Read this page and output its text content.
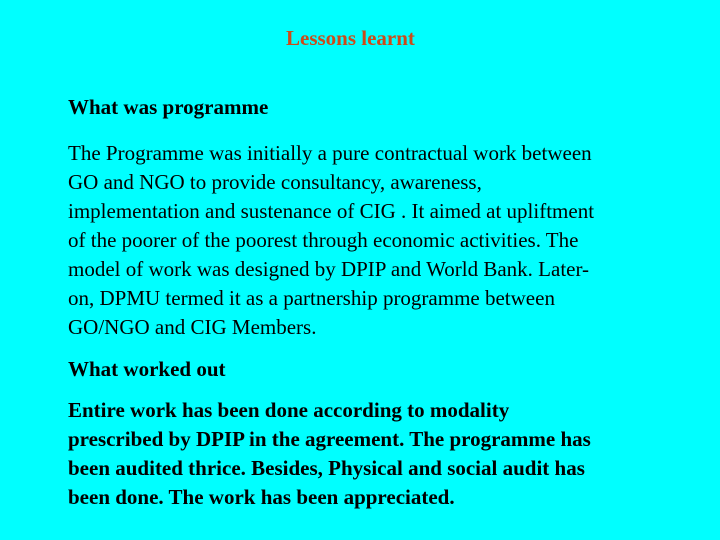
Lessons learnt
What was programme
The Programme was initially a pure contractual work between
GO and NGO to provide consultancy, awareness,
implementation and sustenance of CIG . It aimed at upliftment
of the poorer of the poorest through economic activities. The
model of work was designed by DPIP and World Bank. Later-
on, DPMU termed it as a partnership programme between
GO/NGO and CIG Members.
What worked out
Entire work has been done according to modality
prescribed by DPIP in the agreement. The programme has
been audited thrice. Besides, Physical and social audit has
been done. The work has been appreciated.
